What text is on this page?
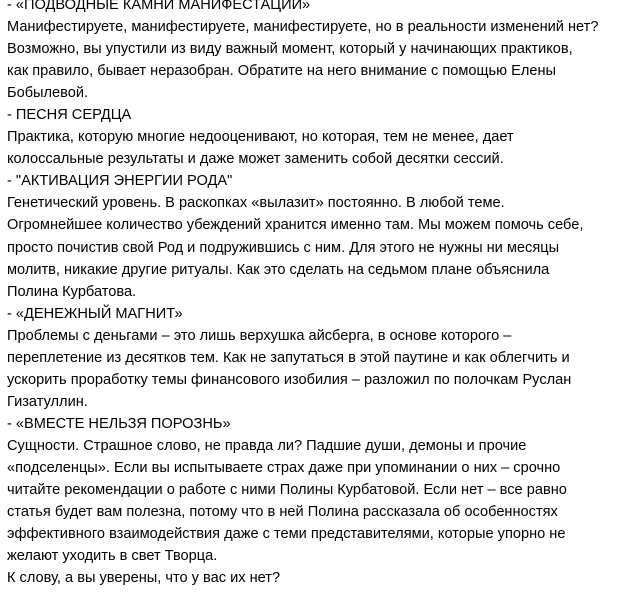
- «ПОДВОДНЫЕ КАМНИ МАНИФЕСТАЦИИ»
Манифестируете, манифестируете, манифестируете, но в реальности изменений нет?
Возможно, вы упустили из виду важный момент, который у начинающих практиков,
как правило, бывает неразобран. Обратите на него внимание с помощью Елены
Бобылевой.
- ПЕСНЯ СЕРДЦА
Практика, которую многие недооценивают, но которая, тем не менее, дает
колоссальные результаты и даже может заменить собой десятки сессий.
- "АКТИВАЦИЯ ЭНЕРГИИ РОДА"
Генетический уровень. В раскопках «вылазит» постоянно. В любой теме.
Огромнейшее количество убеждений хранится именно там. Мы можем помочь себе,
просто почистив свой Род и подружившись с ним. Для этого не нужны ни месяцы
молитв, никакие другие ритуалы. Как это сделать на седьмом плане объяснила
Полина Курбатова.
- «ДЕНЕЖНЫЙ МАГНИТ»
Проблемы с деньгами – это лишь верхушка айсберга, в основе которого –
переплетение из десятков тем. Как не запутаться в этой паутине и как облегчить и
ускорить проработку темы финансового изобилия – разложил по полочкам Руслан
Гизатуллин.
- «ВМЕСТЕ НЕЛЬЗЯ ПОРОЗНЬ»
Сущности. Страшное слово, не правда ли? Падшие души, демоны и прочие
«подселенцы». Если вы испытываете страх даже при упоминании о них – срочно
читайте рекомендации о работе с ними Полины Курбатовой. Если нет – все равно
статья будет вам полезна, потому что в ней Полина рассказала об особенностях
эффективного взаимодействия даже с теми представителями, которые упорно не
желают уходить в свет Творца.
К слову, а вы уверены, что у вас их нет?
